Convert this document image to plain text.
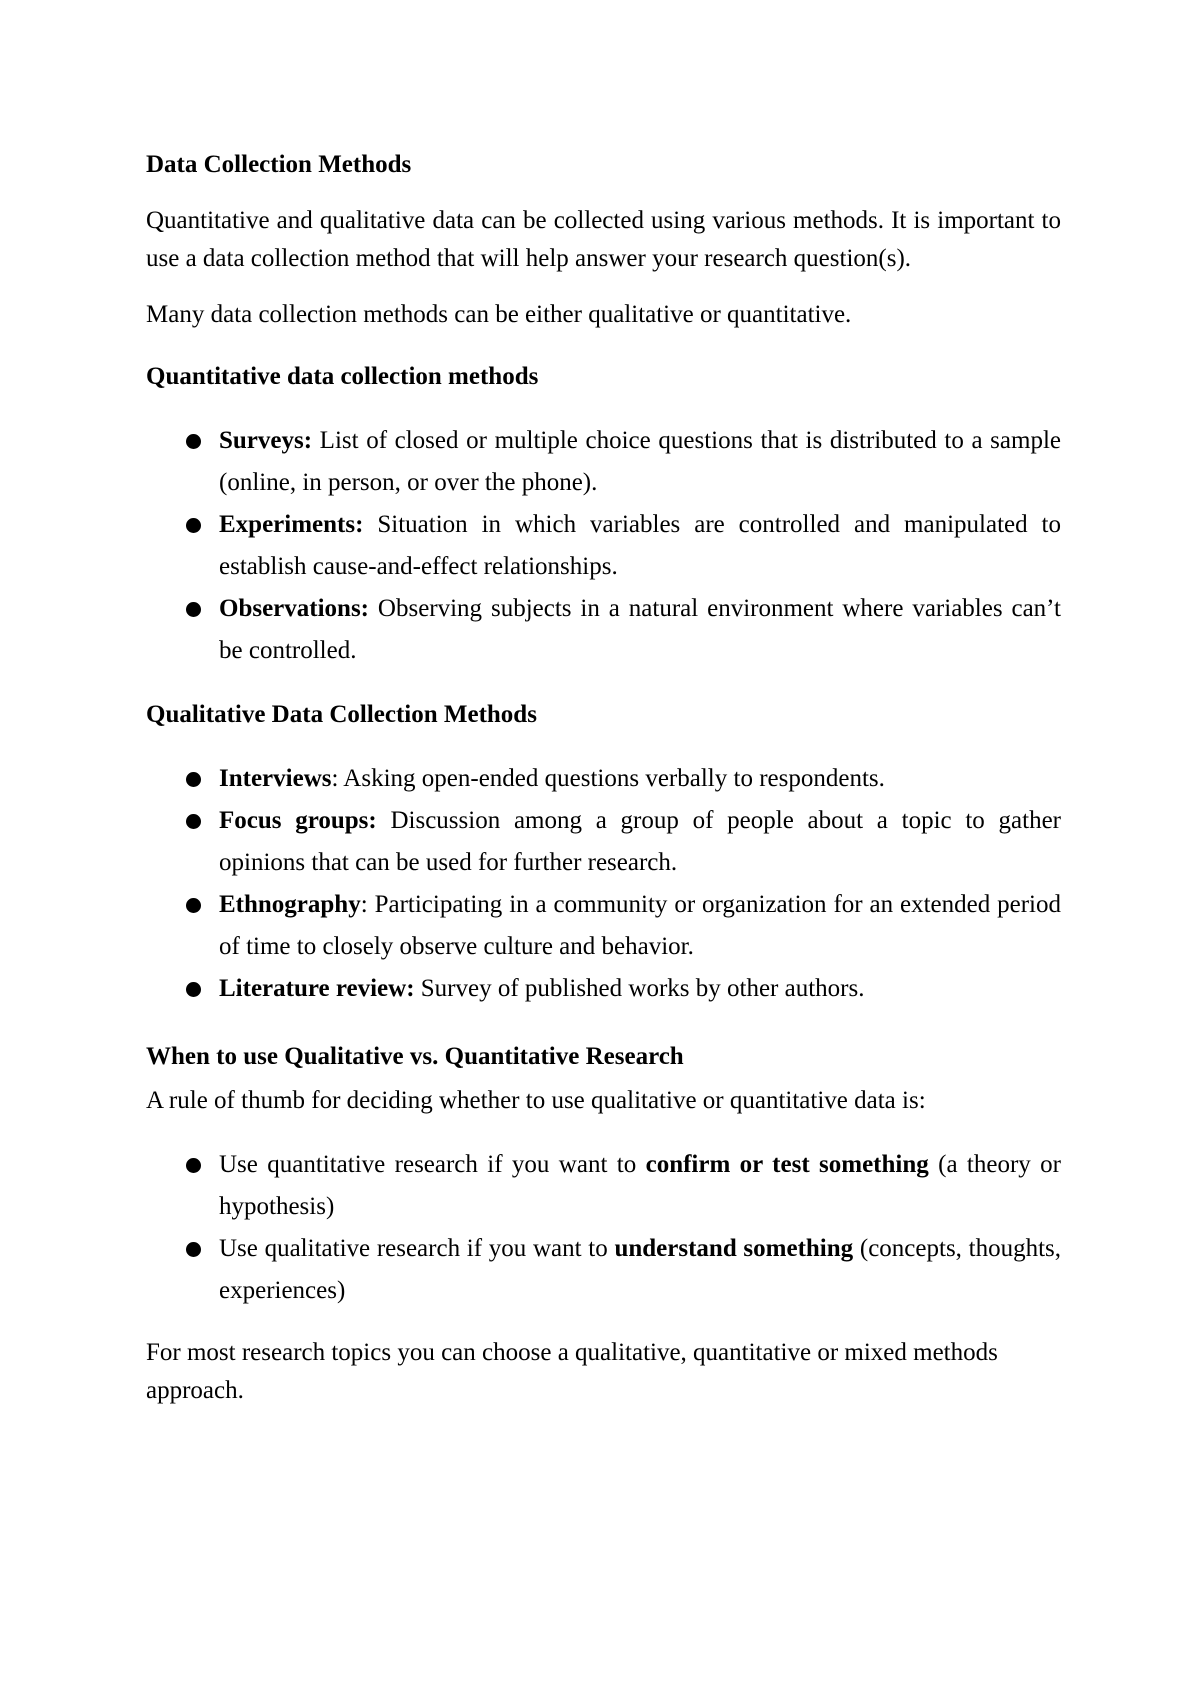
Data Collection Methods

Quantitative and qualitative data can be collected using various methods. It is important to use a data collection method that will help answer your research question(s).

Many data collection methods can be either qualitative or quantitative.

Quantitative data collection methods

Surveys: List of closed or multiple choice questions that is distributed to a sample (online, in person, or over the phone).
Experiments: Situation in which variables are controlled and manipulated to establish cause-and-effect relationships.
Observations: Observing subjects in a natural environment where variables can’t be controlled.

Qualitative Data Collection Methods

Interviews: Asking open-ended questions verbally to respondents.
Focus groups: Discussion among a group of people about a topic to gather opinions that can be used for further research.
Ethnography: Participating in a community or organization for an extended period of time to closely observe culture and behavior.
Literature review: Survey of published works by other authors.

When to use Qualitative vs. Quantitative Research

A rule of thumb for deciding whether to use qualitative or quantitative data is:

Use quantitative research if you want to confirm or test something (a theory or hypothesis)
Use qualitative research if you want to understand something (concepts, thoughts, experiences)

For most research topics you can choose a qualitative, quantitative or mixed methods approach.
